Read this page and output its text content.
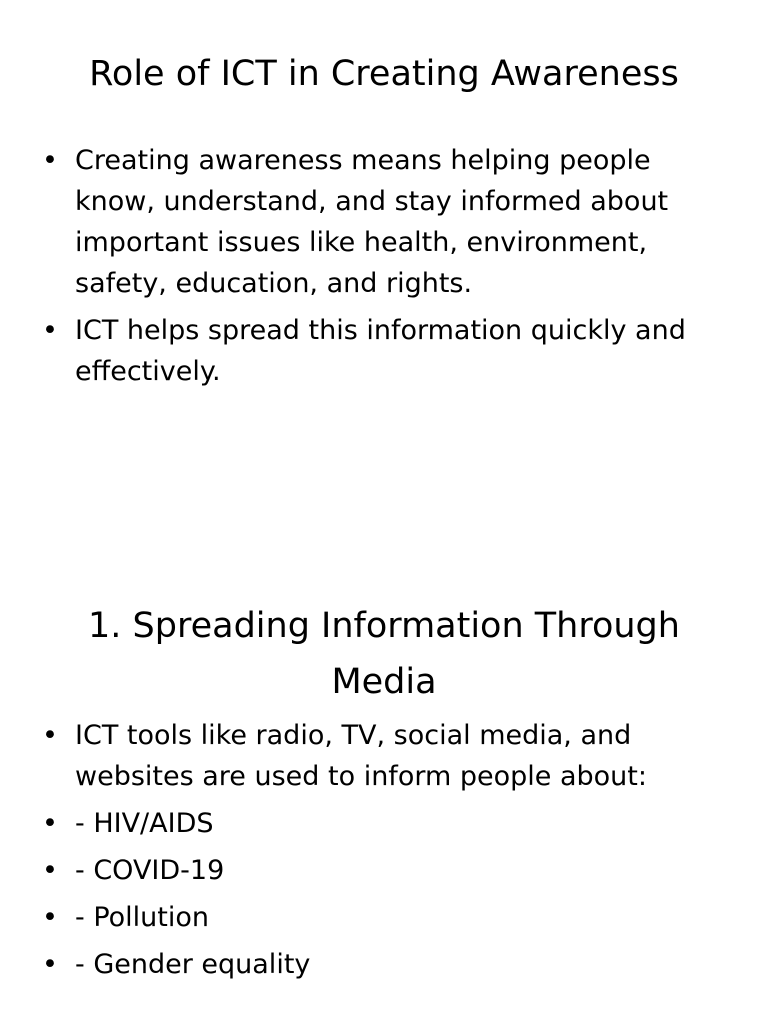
Role of ICT in Creating Awareness
• Creating awareness means helping people know, understand, and stay informed about important issues like health, environment, safety, education, and rights.
• ICT helps spread this information quickly and effectively.
1. Spreading Information Through Media
• ICT tools like radio, TV, social media, and websites are used to inform people about:
• - HIV/AIDS
• - COVID-19
• - Pollution
• - Gender equality
